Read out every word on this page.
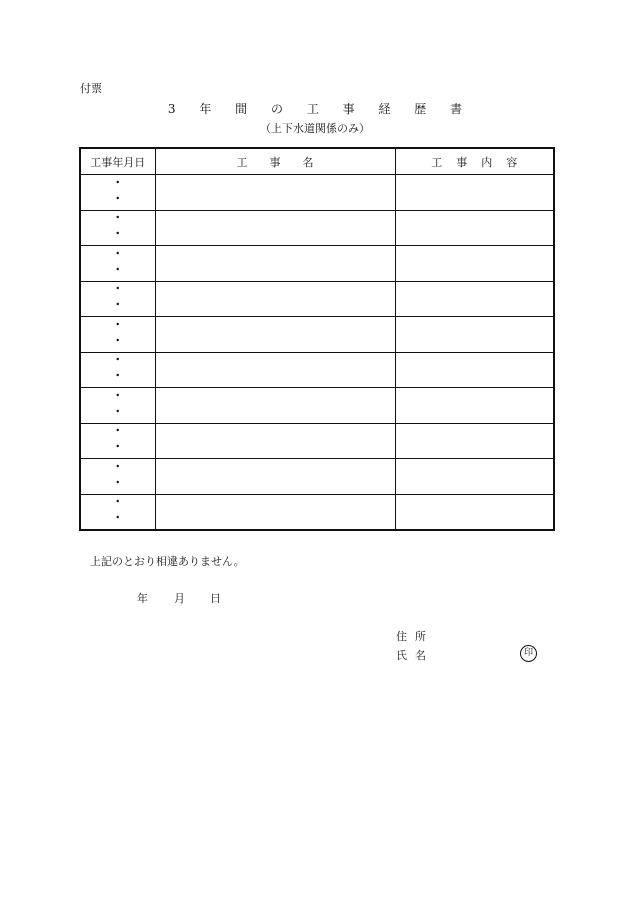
付票
3 年 間 の 工 事 経 歴 書
（上下水道関係のみ）
工事年月日	工事名	工事内容

・ ・		

・ ・		

・ ・		

・ ・		

・ ・		

・ ・		

・ ・		

・ ・		

・ ・		

・ ・		

上記のとおり相違ありません。
年 月 日
住所
氏名	印
